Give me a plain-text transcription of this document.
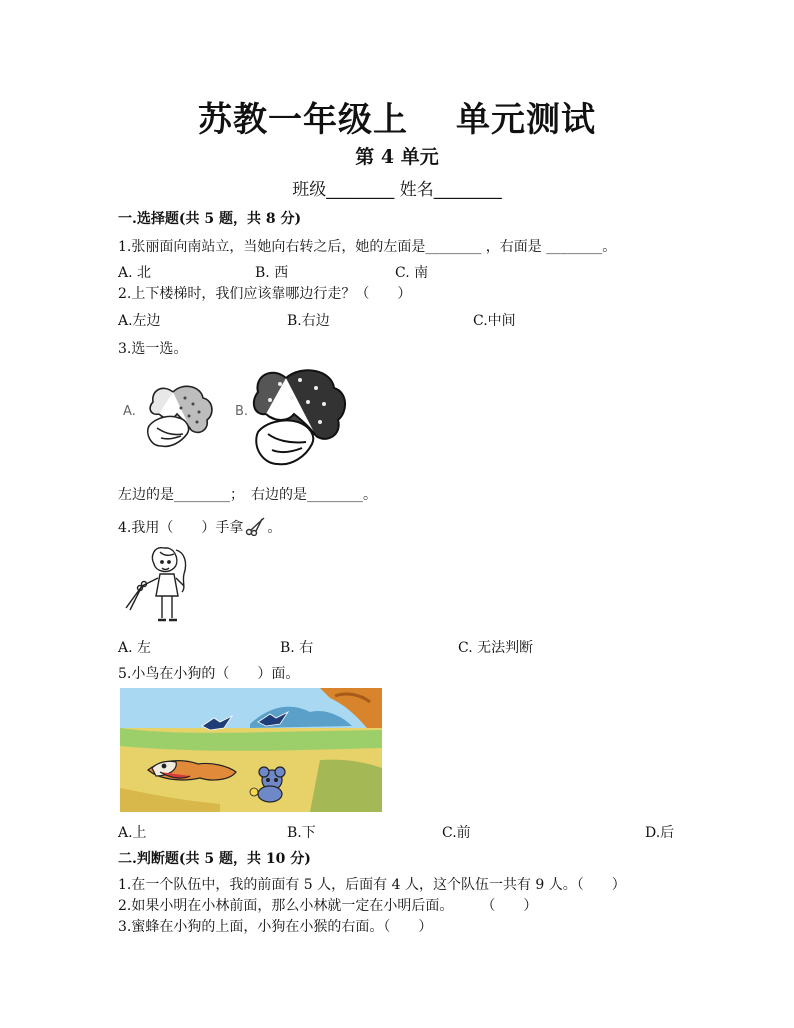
苏教一年级上 单元测试
第 4 单元
班级________ 姓名________
一.选择题(共 5 题，共 8 分)
1.张丽面向南站立，当她向右转之后，她的左面是________ ，右面是 ________。
A. 北	B. 西	C. 南
2.上下楼梯时，我们应该靠哪边行走？（　　）
A.左边	B.右边	C.中间
3.选一选。
A.	B.
左边的是________；　右边的是________。
4.我用（　　）手拿 。
A. 左	B. 右	C. 无法判断
5.小鸟在小狗的（　　）面。
A.上	B.下	C.前	D.后
二.判断题(共 5 题，共 10 分)
1.在一个队伍中，我的前面有 5 人，后面有 4 人，这个队伍一共有 9 人。（　　）
2.如果小明在小林前面，那么小林就一定在小明后面。　　　（　　）
3.蜜蜂在小狗的上面，小狗在小猴的右面。（　　）
